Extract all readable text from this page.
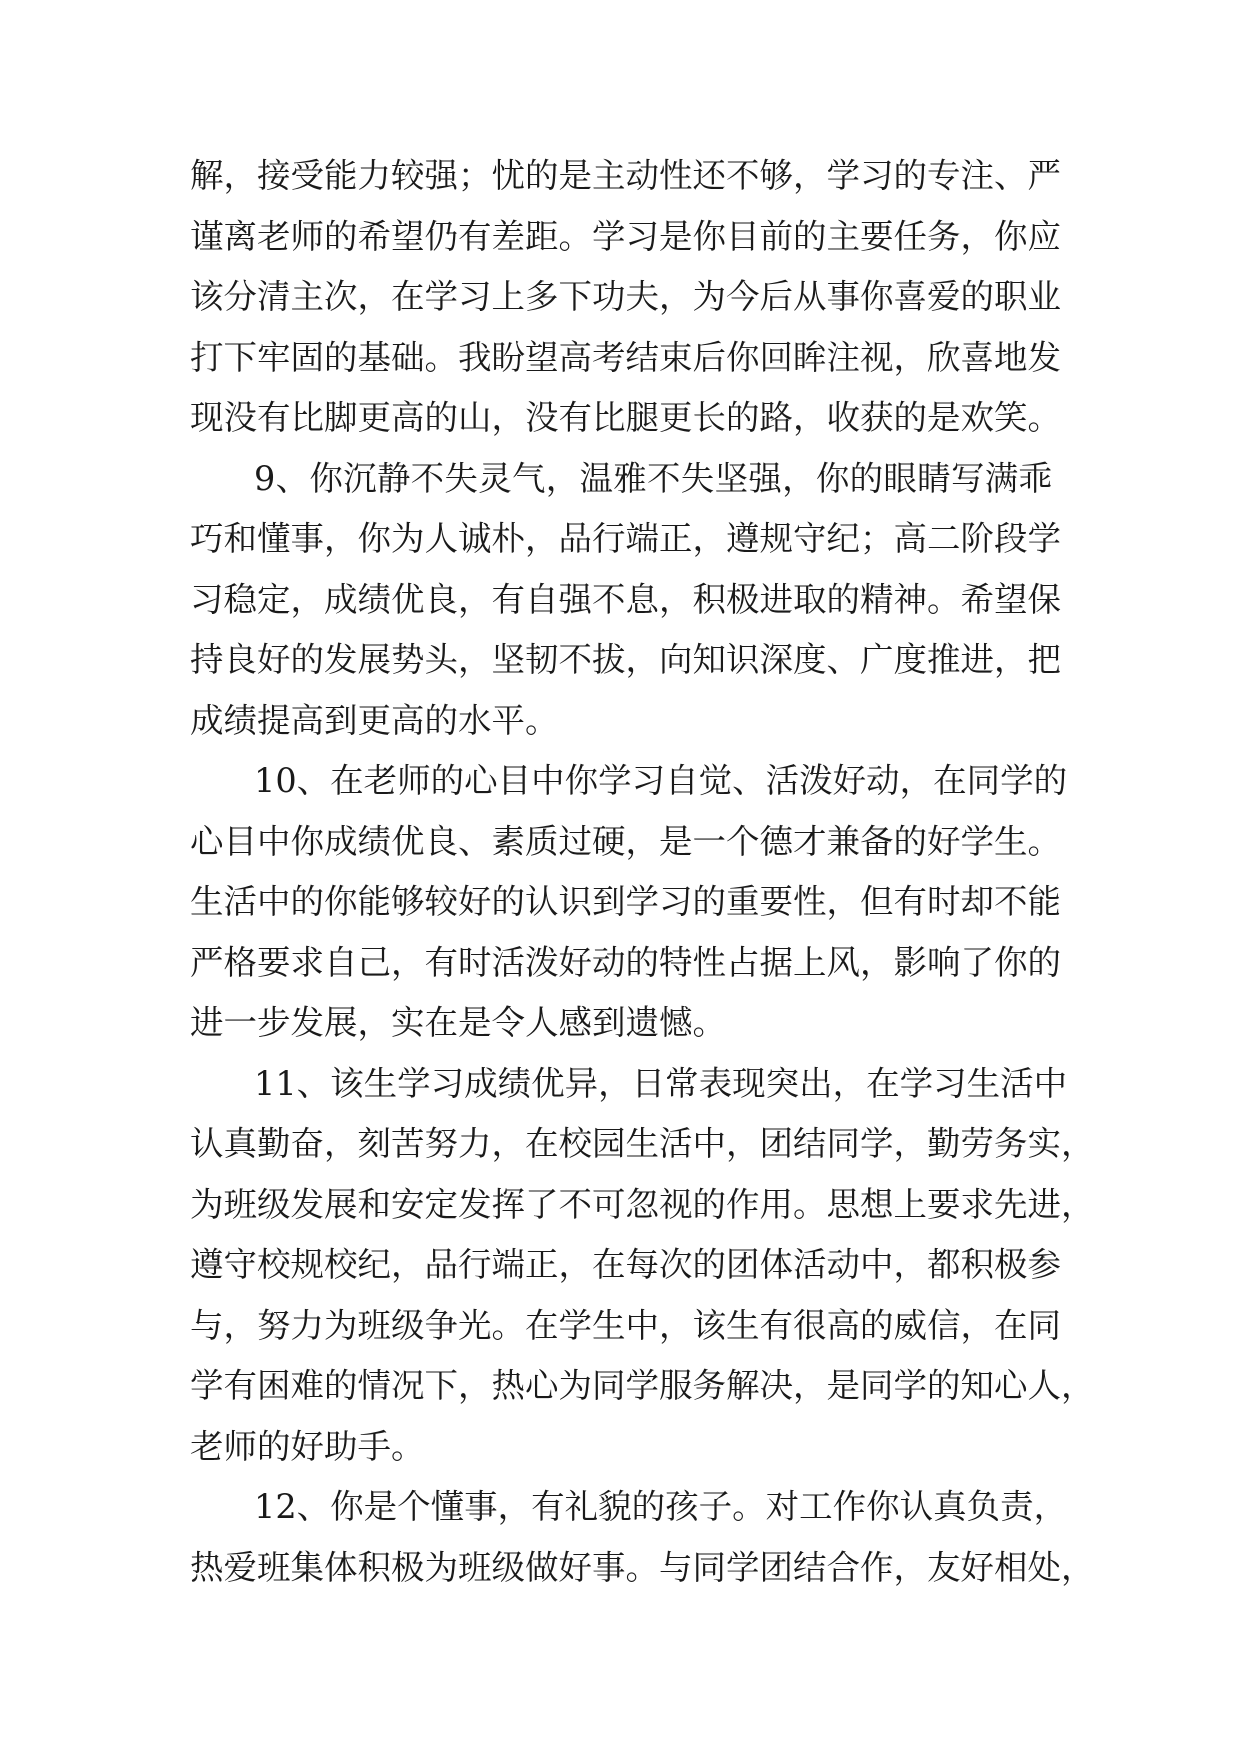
解，接受能力较强；忧的是主动性还不够，学习的专注、严
谨离老师的希望仍有差距。学习是你目前的主要任务，你应
该分清主次，在学习上多下功夫，为今后从事你喜爱的职业
打下牢固的基础。我盼望高考结束后你回眸注视，欣喜地发
现没有比脚更高的山，没有比腿更长的路，收获的是欢笑。
9、你沉静不失灵气，温雅不失坚强，你的眼睛写满乖
巧和懂事，你为人诚朴，品行端正，遵规守纪；高二阶段学
习稳定，成绩优良，有自强不息，积极进取的精神。希望保
持良好的发展势头，坚韧不拔，向知识深度、广度推进，把
成绩提高到更高的水平。
10、在老师的心目中你学习自觉、活泼好动，在同学的
心目中你成绩优良、素质过硬，是一个德才兼备的好学生。
生活中的你能够较好的认识到学习的重要性，但有时却不能
严格要求自己，有时活泼好动的特性占据上风，影响了你的
进一步发展，实在是令人感到遗憾。
11、该生学习成绩优异，日常表现突出，在学习生活中
认真勤奋，刻苦努力，在校园生活中，团结同学，勤劳务实，
为班级发展和安定发挥了不可忽视的作用。思想上要求先进，
遵守校规校纪，品行端正，在每次的团体活动中，都积极参
与，努力为班级争光。在学生中，该生有很高的威信，在同
学有困难的情况下，热心为同学服务解决，是同学的知心人，
老师的好助手。
12、你是个懂事，有礼貌的孩子。对工作你认真负责，
热爱班集体积极为班级做好事。与同学团结合作，友好相处，
